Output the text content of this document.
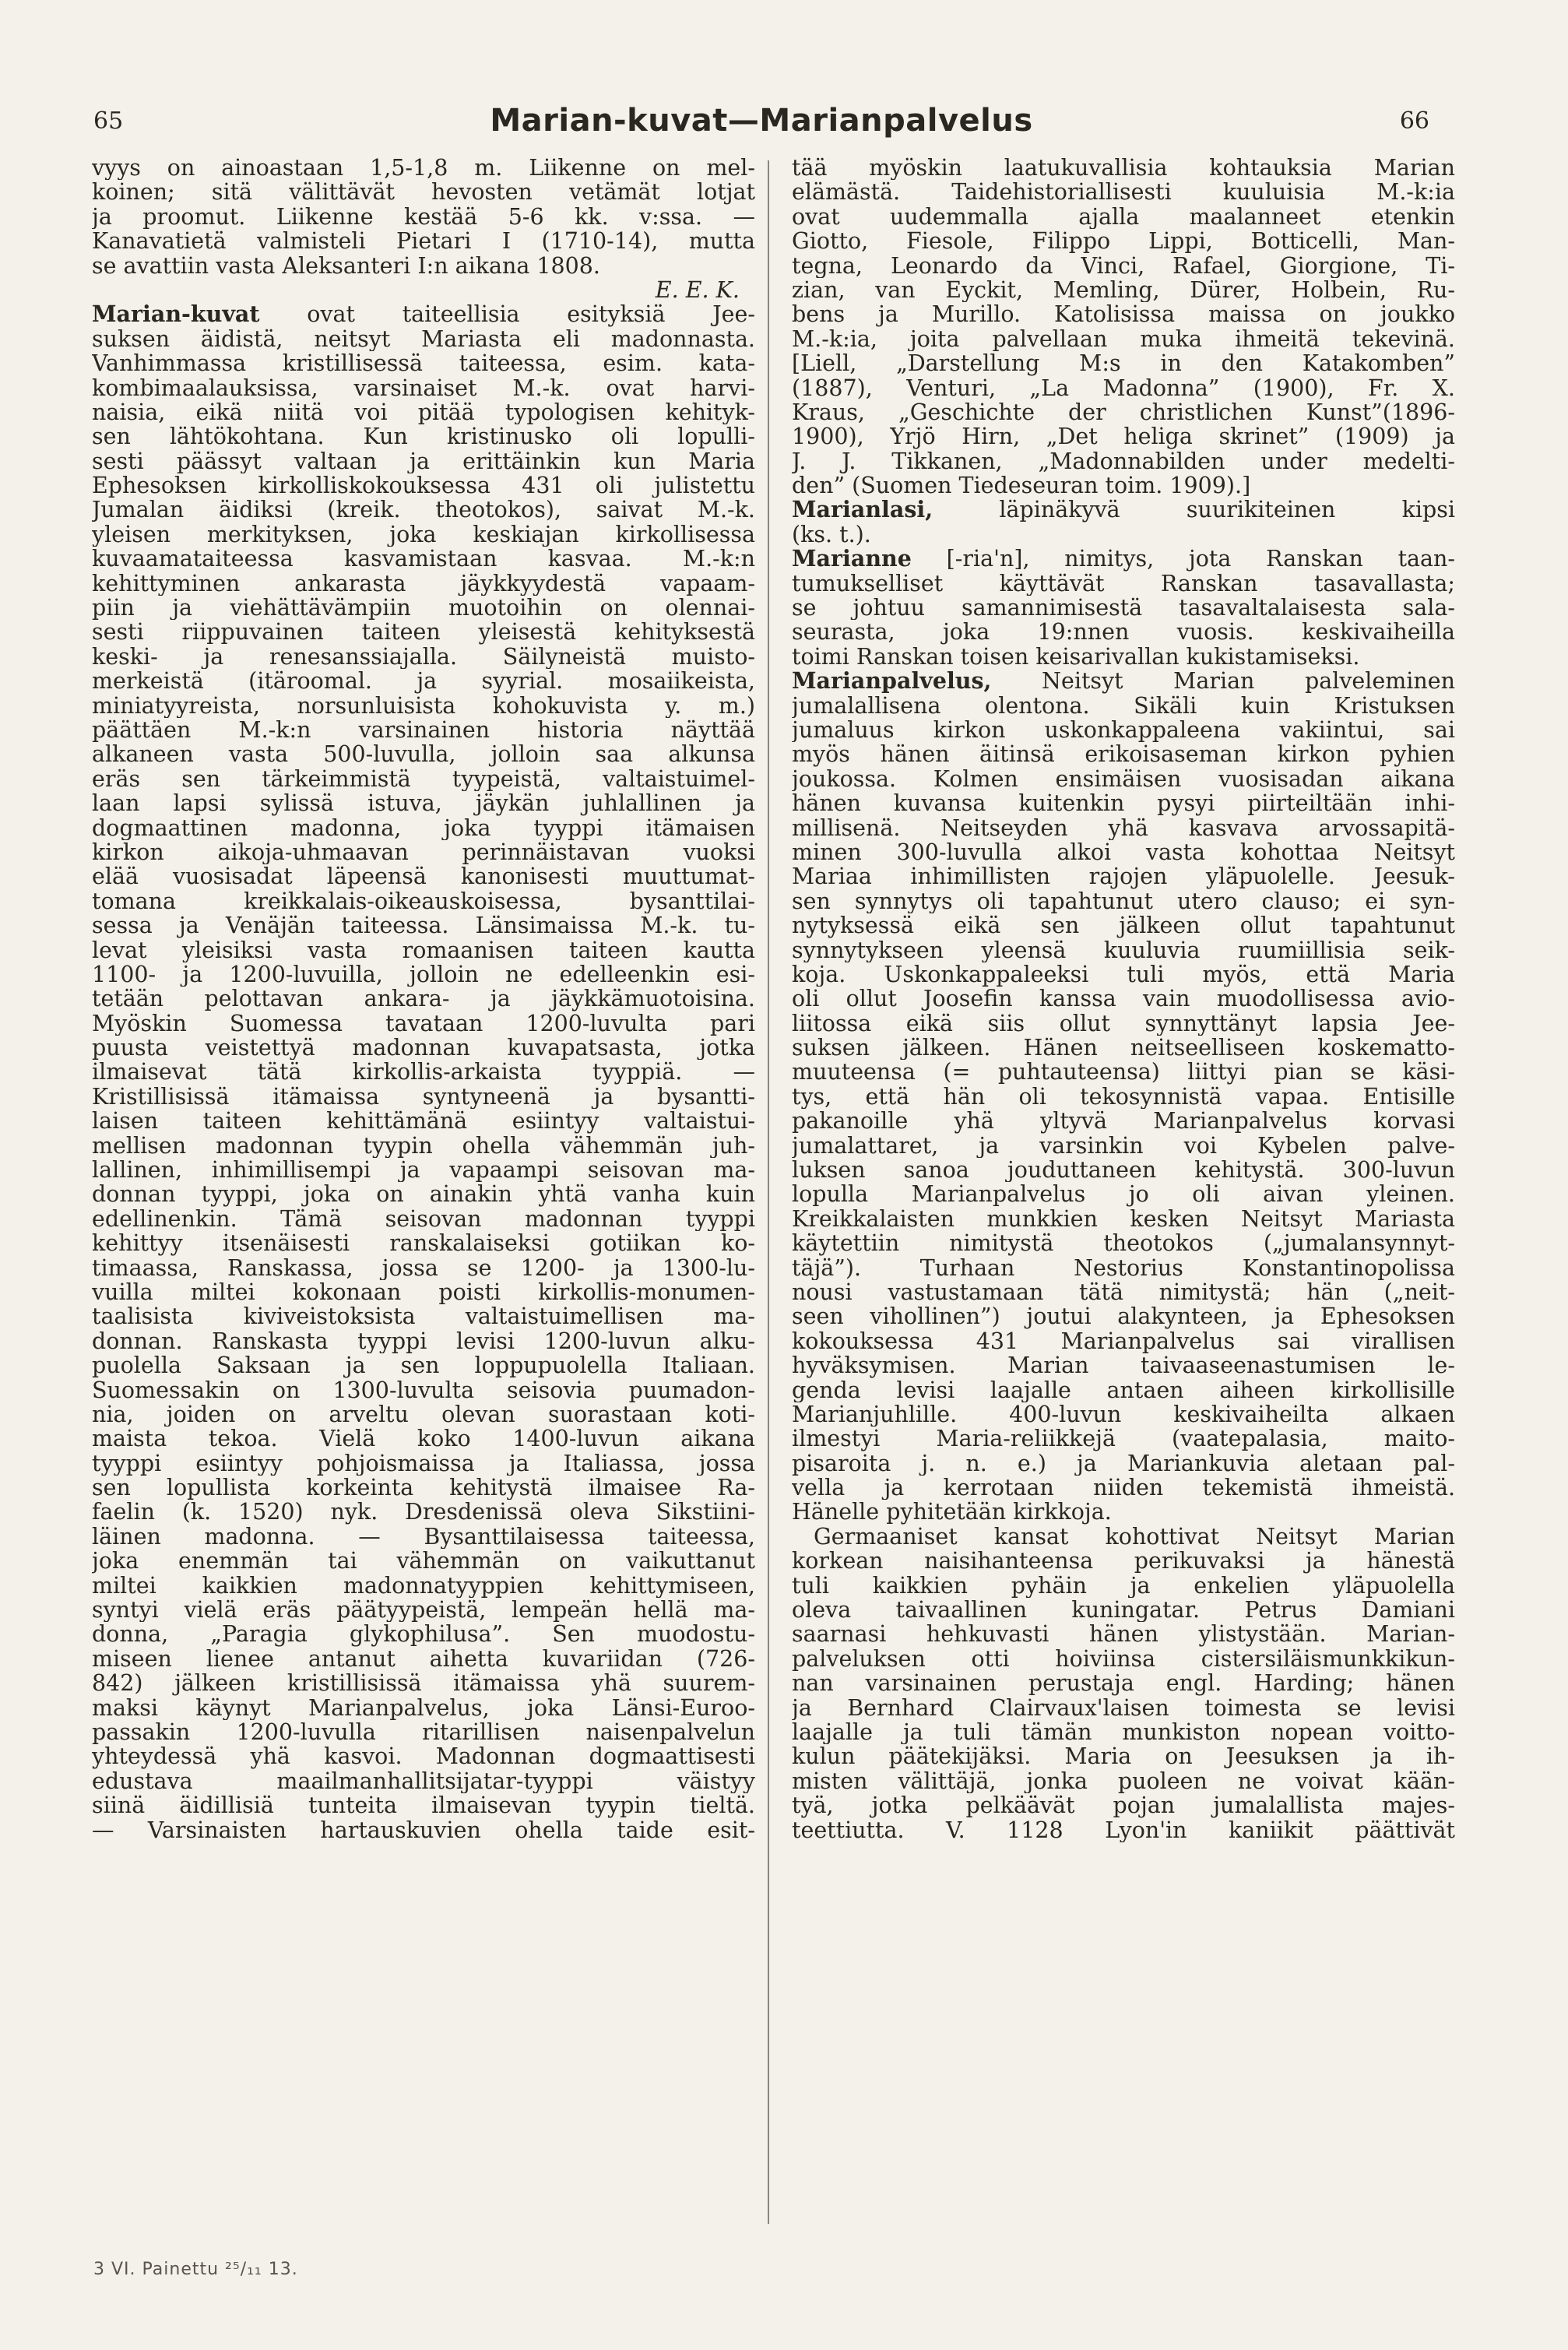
65	Marian-kuvat—Marianpalvelus	66
vyys on ainoastaan 1,5-1,8 m. Liikenne on mel-
koinen; sitä välittävät hevosten vetämät lotjat
ja proomut. Liikenne kestää 5-6 kk. v:ssa. —
Kanavatietä valmisteli Pietari I (1710-14), mutta
se avattiin vasta Aleksanteri I:n aikana 1808.
E. E. K.
Marian-kuvat ovat taiteellisia esityksiä Jee-
suksen äidistä, neitsyt Mariasta eli madonnasta.
Vanhimmassa kristillisessä taiteessa, esim. kata-
kombimaalauksissa, varsinaiset M.-k. ovat harvi-
naisia, eikä niitä voi pitää typologisen kehityk-
sen lähtökohtana. Kun kristinusko oli lopulli-
sesti päässyt valtaan ja erittäinkin kun Maria
Ephesoksen kirkolliskokouksessa 431 oli julistettu
Jumalan äidiksi (kreik. theotokos), saivat M.-k.
yleisen merkityksen, joka keskiajan kirkollisessa
kuvaamataiteessa kasvamistaan kasvaa. M.-k:n
kehittyminen ankarasta jäykkyydestä vapaam-
piin ja viehättävämpiin muotoihin on olennai-
sesti riippuvainen taiteen yleisestä kehityksestä
keski- ja renesanssiajalla. Säilyneistä muisto-
merkeistä (itäroomal. ja syyrial. mosaiikeista,
miniatyyreista, norsunluisista kohokuvista y. m.)
päättäen M.-k:n varsinainen historia näyttää
alkaneen vasta 500-luvulla, jolloin saa alkunsa
eräs sen tärkeimmistä tyypeistä, valtaistuimel-
laan lapsi sylissä istuva, jäykän juhlallinen ja
dogmaattinen madonna, joka tyyppi itämaisen
kirkon aikoja-uhmaavan perinnäistavan vuoksi
elää vuosisadat läpeensä kanonisesti muuttumat-
tomana kreikkalais-oikeauskoisessa, bysanttilai-
sessa ja Venäjän taiteessa. Länsimaissa M.-k. tu-
levat yleisiksi vasta romaanisen taiteen kautta
1100- ja 1200-luvuilla, jolloin ne edelleenkin esi-
tetään pelottavan ankara- ja jäykkämuotoisina.
Myöskin Suomessa tavataan 1200-luvulta pari
puusta veistettyä madonnan kuvapatsasta, jotka
ilmaisevat tätä kirkollis-arkaista tyyppiä. —
Kristillisissä itämaissa syntyneenä ja bysantti-
laisen taiteen kehittämänä esiintyy valtaistui-
mellisen madonnan tyypin ohella vähemmän juh-
lallinen, inhimillisempi ja vapaampi seisovan ma-
donnan tyyppi, joka on ainakin yhtä vanha kuin
edellinenkin. Tämä seisovan madonnan tyyppi
kehittyy itsenäisesti ranskalaiseksi gotiikan ko-
timaassa, Ranskassa, jossa se 1200- ja 1300-lu-
vuilla miltei kokonaan poisti kirkollis-monumen-
taalisista kiviveistoksista valtaistuimellisen ma-
donnan. Ranskasta tyyppi levisi 1200-luvun alku-
puolella Saksaan ja sen loppupuolella Italiaan.
Suomessakin on 1300-luvulta seisovia puumadon-
nia, joiden on arveltu olevan suorastaan koti-
maista tekoa. Vielä koko 1400-luvun aikana
tyyppi esiintyy pohjoismaissa ja Italiassa, jossa
sen lopullista korkeinta kehitystä ilmaisee Ra-
faelin (k. 1520) nyk. Dresdenissä oleva Sikstiini-
läinen madonna. — Bysanttilaisessa taiteessa,
joka enemmän tai vähemmän on vaikuttanut
miltei kaikkien madonnatyyppien kehittymiseen,
syntyi vielä eräs päätyypeistä, lempeän hellä ma-
donna, „Paragia glykophilusa”. Sen muodostu-
miseen lienee antanut aihetta kuvariidan (726-
842) jälkeen kristillisissä itämaissa yhä suurem-
maksi käynyt Marianpalvelus, joka Länsi-Euroo-
passakin 1200-luvulla ritarillisen naisenpalvelun
yhteydessä yhä kasvoi. Madonnan dogmaattisesti
edustava maailmanhallitsijatar-tyyppi väistyy
siinä äidillisiä tunteita ilmaisevan tyypin tieltä.
— Varsinaisten hartauskuvien ohella taide esit-
tää myöskin laatukuvallisia kohtauksia Marian
elämästä. Taidehistoriallisesti kuuluisia M.-k:ia
ovat uudemmalla ajalla maalanneet etenkin
Giotto, Fiesole, Filippo Lippi, Botticelli, Man-
tegna, Leonardo da Vinci, Rafael, Giorgione, Ti-
zian, van Eyckit, Memling, Dürer, Holbein, Ru-
bens ja Murillo. Katolisissa maissa on joukko
M.-k:ia, joita palvellaan muka ihmeitä tekevinä.
[Liell, „Darstellung M:s in den Katakomben”
(1887), Venturi, „La Madonna” (1900), Fr. X.
Kraus, „Geschichte der christlichen Kunst”(1896-
1900), Yrjö Hirn, „Det heliga skrinet” (1909) ja
J. J. Tikkanen, „Madonnabilden under medelti-
den” (Suomen Tiedeseuran toim. 1909).]
Marianlasi, läpinäkyvä suurikiteinen kipsi
(ks. t.).
Marianne [-ria'n], nimitys, jota Ranskan taan-
tumukselliset käyttävät Ranskan tasavallasta;
se johtuu samannimisestä tasavaltalaisesta sala-
seurasta, joka 19:nnen vuosis. keskivaiheilla
toimi Ranskan toisen keisarivallan kukistamiseksi.
Marianpalvelus, Neitsyt Marian palveleminen
jumalallisena olentona. Sikäli kuin Kristuksen
jumaluus kirkon uskonkappaleena vakiintui, sai
myös hänen äitinsä erikoisaseman kirkon pyhien
joukossa. Kolmen ensimäisen vuosisadan aikana
hänen kuvansa kuitenkin pysyi piirteiltään inhi-
millisenä. Neitseyden yhä kasvava arvossapitä-
minen 300-luvulla alkoi vasta kohottaa Neitsyt
Mariaa inhimillisten rajojen yläpuolelle. Jeesuk-
sen synnytys oli tapahtunut utero clauso; ei syn-
nytyksessä eikä sen jälkeen ollut tapahtunut
synnytykseen yleensä kuuluvia ruumiillisia seik-
koja. Uskonkappaleeksi tuli myös, että Maria
oli ollut Joosefin kanssa vain muodollisessa avio-
liitossa eikä siis ollut synnyttänyt lapsia Jee-
suksen jälkeen. Hänen neitseelliseen koskematto-
muuteensa (= puhtauteensa) liittyi pian se käsi-
tys, että hän oli tekosynnistä vapaa. Entisille
pakanoille yhä yltyvä Marianpalvelus korvasi
jumalattaret, ja varsinkin voi Kybelen palve-
luksen sanoa jouduttaneen kehitystä. 300-luvun
lopulla Marianpalvelus jo oli aivan yleinen.
Kreikkalaisten munkkien kesken Neitsyt Mariasta
käytettiin nimitystä theotokos („jumalansynnyt-
täjä”). Turhaan Nestorius Konstantinopolissa
nousi vastustamaan tätä nimitystä; hän („neit-
seen vihollinen”) joutui alakynteen, ja Ephesoksen
kokouksessa 431 Marianpalvelus sai virallisen
hyväksymisen. Marian taivaaseenastumisen le-
genda levisi laajalle antaen aiheen kirkollisille
Marianjuhlille. 400-luvun keskivaiheilta alkaen
ilmestyi Maria-reliikkejä (vaatepalasia, maito-
pisaroita j. n. e.) ja Mariankuvia aletaan pal-
vella ja kerrotaan niiden tekemistä ihmeistä.
Hänelle pyhitetään kirkkoja.
Germaaniset kansat kohottivat Neitsyt Marian
korkean naisihanteensa perikuvaksi ja hänestä
tuli kaikkien pyhäin ja enkelien yläpuolella
oleva taivaallinen kuningatar. Petrus Damiani
saarnasi hehkuvasti hänen ylistystään. Marian-
palveluksen otti hoiviinsa cistersiläismunkkikun-
nan varsinainen perustaja engl. Harding; hänen
ja Bernhard Clairvaux'laisen toimesta se levisi
laajalle ja tuli tämän munkiston nopean voitto-
kulun päätekijäksi. Maria on Jeesuksen ja ih-
misten välittäjä, jonka puoleen ne voivat kään-
tyä, jotka pelkäävät pojan jumalallista majes-
teettiutta. V. 1128 Lyon'in kaniikit päättivät
3 VI. Painettu ²⁵/₁₁ 13.
